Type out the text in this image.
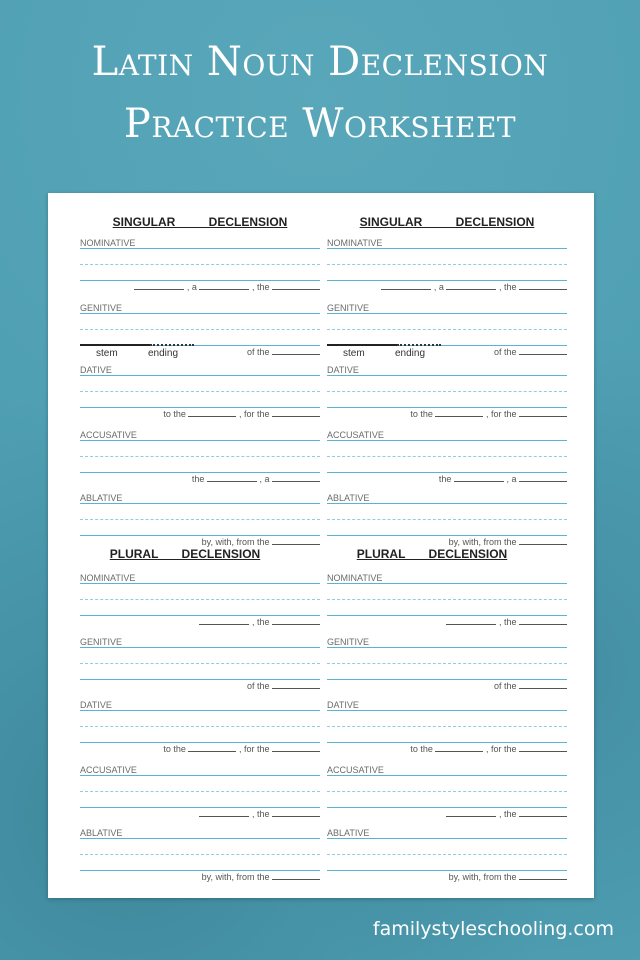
Latin Noun Declension
Practice Worksheet
SINGULAR          DECLENSION
PLURAL       DECLENSION
NOMINATIVE
, a	, the
GENITIVE
of the
stem	ending
DATIVE
to the	, for the
ACCUSATIVE
the	, a
ABLATIVE
by, with, from the
NOMINATIVE
, the
GENITIVE
of the
DATIVE
to the	, for the
ACCUSATIVE
, the
ABLATIVE
by, with, from the
SINGULAR          DECLENSION
PLURAL       DECLENSION
NOMINATIVE
, a	, the
GENITIVE
of the
stem	ending
DATIVE
to the	, for the
ACCUSATIVE
the	, a
ABLATIVE
by, with, from the
NOMINATIVE
, the
GENITIVE
of the
DATIVE
to the	, for the
ACCUSATIVE
, the
ABLATIVE
by, with, from the
familystyleschooling.com
